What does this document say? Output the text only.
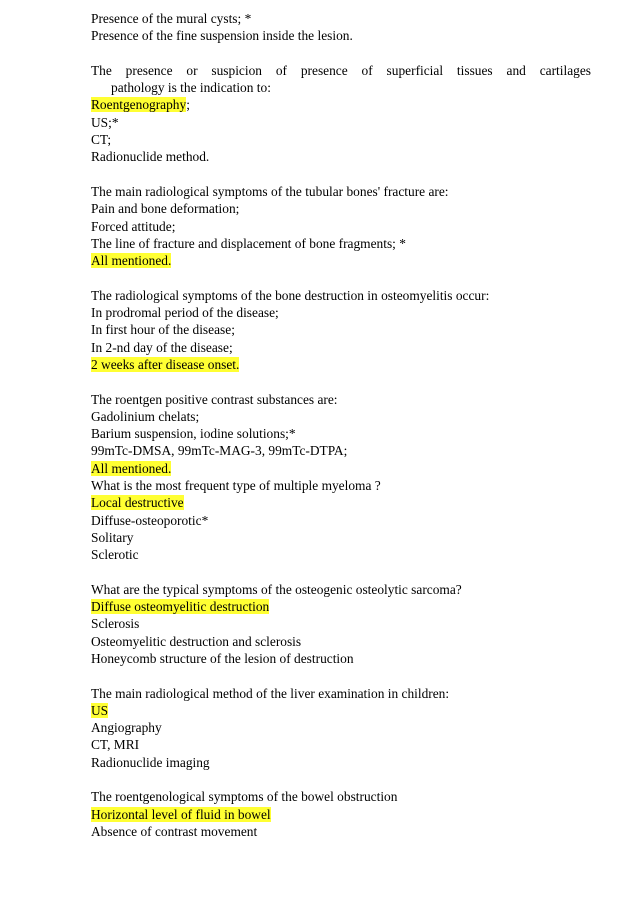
Presence of the mural cysts; *
Presence of the fine suspension inside the lesion.
The presence or suspicion of presence of superficial tissues and cartilages
pathology is the indication to:
Roentgenography;
US;*
CT;
Radionuclide method.
The main radiological symptoms of the tubular bones' fracture are:
Pain and bone deformation;
Forced attitude;
The line of fracture and displacement of bone fragments; *
All mentioned.
The radiological symptoms of the bone destruction in osteomyelitis occur:
In prodromal period of the disease;
In first hour of the disease;
In 2-nd day of the disease;
2 weeks after disease onset.
The roentgen positive contrast substances are:
Gadolinium chelats;
Barium suspension, iodine solutions;*
99mTc-DMSA, 99mTc-MAG-3, 99mTc-DTPA;
All mentioned.
What is the most frequent type of multiple myeloma ?
Local destructive
Diffuse-osteoporotic*
Solitary
Sclerotic
What are the typical symptoms of the osteogenic osteolytic sarcoma?
Diffuse osteomyelitic destruction
Sclerosis
Osteomyelitic destruction and sclerosis
Honeycomb structure of the lesion of destruction
The main radiological method of the liver examination in children:
US
Angiography
CT, MRI
Radionuclide imaging
The roentgenological symptoms of the bowel obstruction
Horizontal level of fluid in bowel
Absence of contrast movement
